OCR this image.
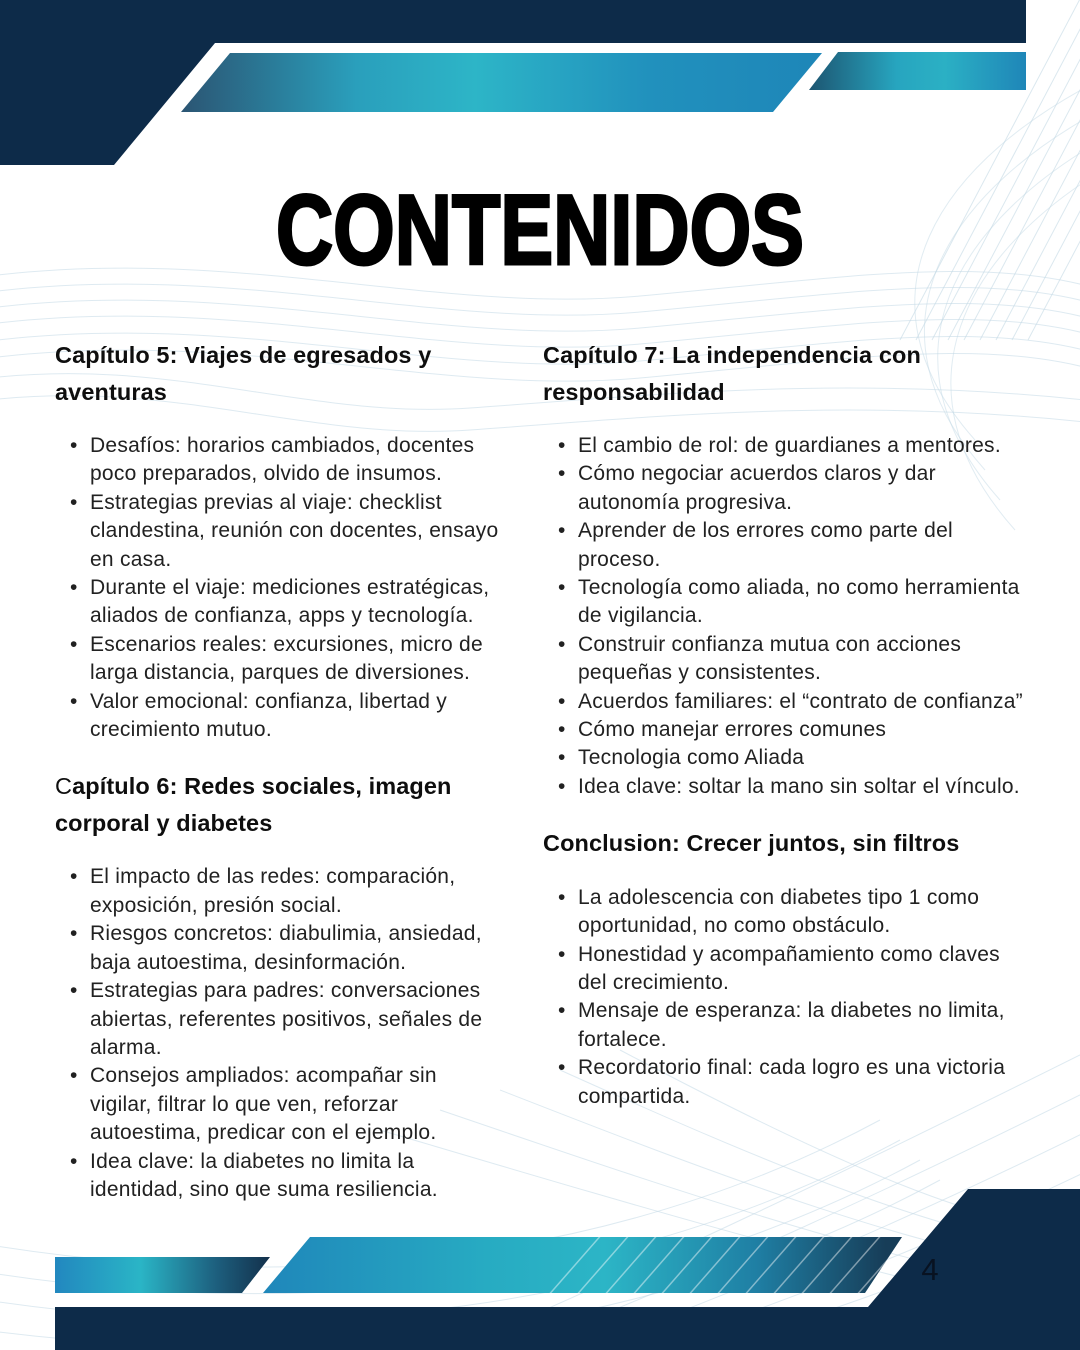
CONTENIDOS
Capítulo 5: Viajes de egresados y aventuras
• Desafíos: horarios cambiados, docentes poco preparados, olvido de insumos.
• Estrategias previas al viaje: checklist clandestina, reunión con docentes, ensayo en casa.
• Durante el viaje: mediciones estratégicas, aliados de confianza, apps y tecnología.
• Escenarios reales: excursiones, micro de larga distancia, parques de diversiones.
• Valor emocional: confianza, libertad y crecimiento mutuo.
Capítulo 6: Redes sociales, imagen corporal y diabetes
• El impacto de las redes: comparación, exposición, presión social.
• Riesgos concretos: diabulimia, ansiedad, baja autoestima, desinformación.
• Estrategias para padres: conversaciones abiertas, referentes positivos, señales de alarma.
• Consejos ampliados: acompañar sin vigilar, filtrar lo que ven, reforzar autoestima, predicar con el ejemplo.
• Idea clave: la diabetes no limita la identidad, sino que suma resiliencia.
Capítulo 7: La independencia con responsabilidad
• El cambio de rol: de guardianes a mentores.
• Cómo negociar acuerdos claros y dar autonomía progresiva.
• Aprender de los errores como parte del proceso.
• Tecnología como aliada, no como herramienta de vigilancia.
• Construir confianza mutua con acciones pequeñas y consistentes.
• Acuerdos familiares: el “contrato de confianza”
• Cómo manejar errores comunes
• Tecnologia como Aliada
• Idea clave: soltar la mano sin soltar el vínculo.
Conclusion: Crecer juntos, sin filtros
• La adolescencia con diabetes tipo 1 como oportunidad, no como obstáculo.
• Honestidad y acompañamiento como claves del crecimiento.
• Mensaje de esperanza: la diabetes no limita, fortalece.
• Recordatorio final: cada logro es una victoria compartida.
4
